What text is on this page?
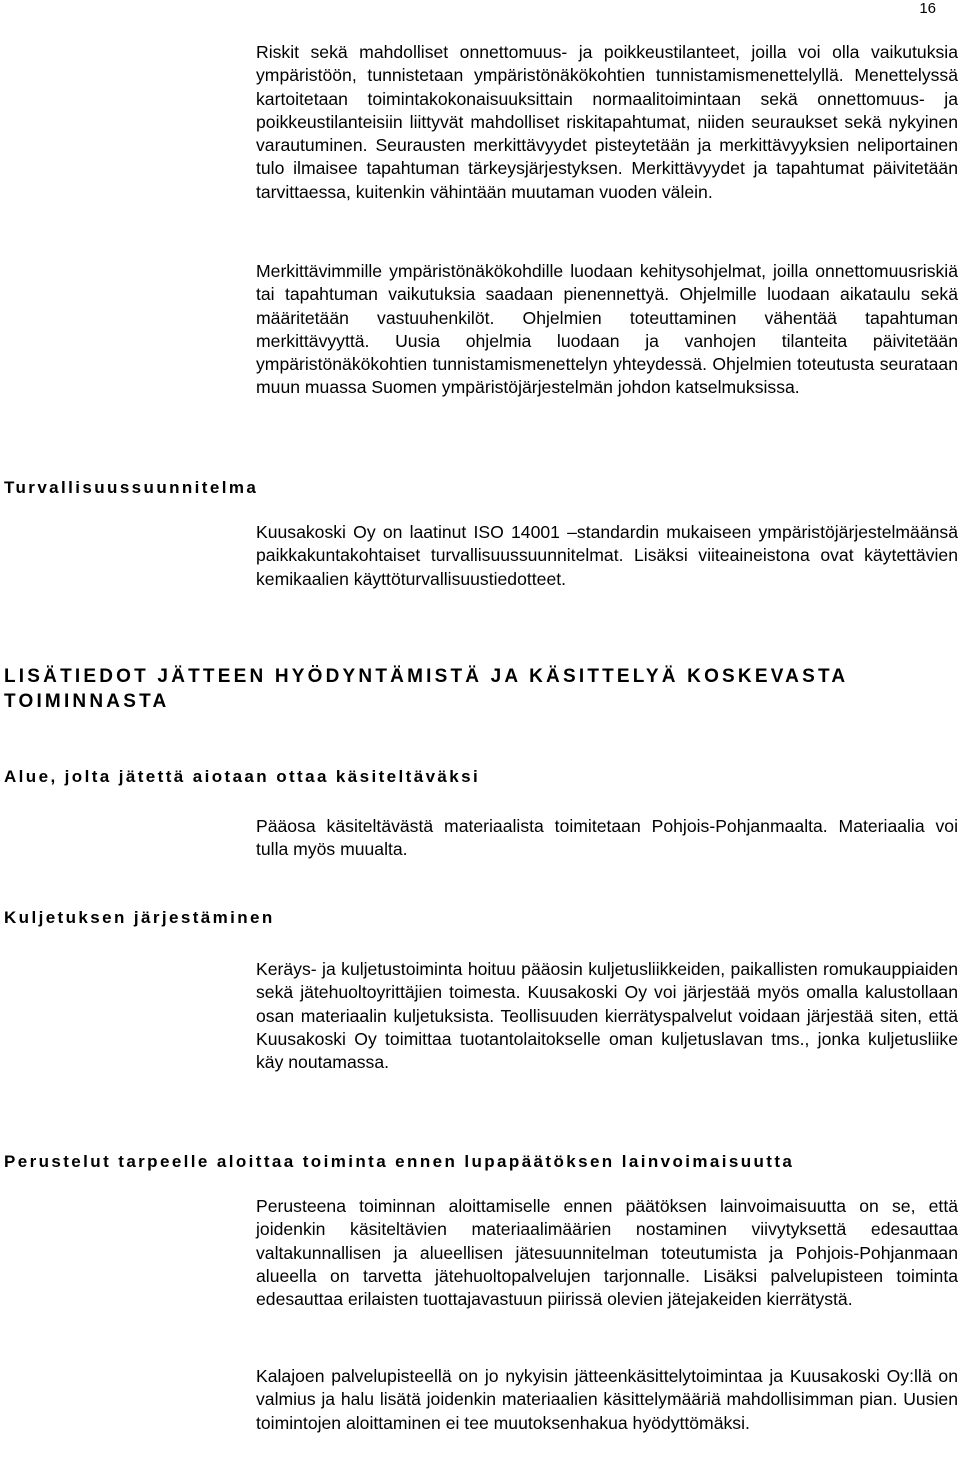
16

Riskit sekä mahdolliset onnettomuus- ja poikkeustilanteet, joilla voi olla vaikutuksia ympäristöön, tunnistetaan ympäristönäkökohtien tunnistamismenettelyllä. Menettelyssä kartoitetaan toimintakokonaisuuksittain normaalitoimintaan sekä onnettomuus- ja poikkeustilanteisiin liittyvät mahdolliset riskitapahtumat, niiden seuraukset sekä nykyinen varautuminen. Seurausten merkittävyydet pisteytetään ja merkittävyyksien neliportainen tulo ilmaisee tapahtuman tärkeysjärjestyksen. Merkittävyydet ja tapahtumat päivitetään tarvittaessa, kuitenkin vähintään muutaman vuoden välein.

Merkittävimmille ympäristönäkökohdille luodaan kehitysohjelmat, joilla onnettomuusriskiä tai tapahtuman vaikutuksia saadaan pienennettyä. Ohjelmille luodaan aikataulu sekä määritetään vastuuhenkilöt. Ohjelmien toteuttaminen vähentää tapahtuman merkittävyyttä. Uusia ohjelmia luodaan ja vanhojen tilanteita päivitetään ympäristönäkökohtien tunnistamismenettelyn yhteydessä. Ohjelmien toteutusta seurataan muun muassa Suomen ympäristöjärjestelmän johdon katselmuksissa.

Turvallisuussuunnitelma

Kuusakoski Oy on laatinut ISO 14001 –standardin mukaiseen ympäristöjärjestelmäänsä paikkakuntakohtaiset turvallisuussuunnitelmat. Lisäksi viiteaineistona ovat käytettävien kemikaalien käyttöturvallisuustiedotteet.

LISÄTIEDOT JÄTTEEN HYÖDYNTÄMISTÄ JA KÄSITTELYÄ KOSKEVASTA TOIMINNASTA
Alue, jolta jätettä aiotaan ottaa käsiteltäväksi

Pääosa käsiteltävästä materiaalista toimitetaan Pohjois-Pohjanmaalta. Materiaalia voi tulla myös muualta.

Kuljetuksen järjestäminen

Keräys- ja kuljetustoiminta hoituu pääosin kuljetusliikkeiden, paikallisten romukauppiaiden sekä jätehuoltoyrittäjien toimesta. Kuusakoski Oy voi järjestää myös omalla kalustollaan osan materiaalin kuljetuksista. Teollisuuden kierrätyspalvelut voidaan järjestää siten, että Kuusakoski Oy toimittaa tuotantolaitokselle oman kuljetuslavan tms., jonka kuljetusliike käy noutamassa.

Perustelut tarpeelle aloittaa toiminta ennen lupapäätöksen lainvoimaisuutta

Perusteena toiminnan aloittamiselle ennen päätöksen lainvoimaisuutta on se, että joidenkin käsiteltävien materiaalimäärien nostaminen viivytyksettä edesauttaa valtakunnallisen ja alueellisen jätesuunnitelman toteutumista ja Pohjois-Pohjanmaan alueella on tarvetta jätehuoltopalvelujen tarjonnalle. Lisäksi palvelupisteen toiminta edesauttaa erilaisten tuottajavastuun piirissä olevien jätejakeiden kierrätystä.

Kalajoen palvelupisteellä on jo nykyisin jätteenkäsittelytoimintaa ja Kuusakoski Oy:llä on valmius ja halu lisätä joidenkin materiaalien käsittelymääriä mahdollisimman pian. Uusien toimintojen aloittaminen ei tee muutoksenhakua hyödyttömäksi.
